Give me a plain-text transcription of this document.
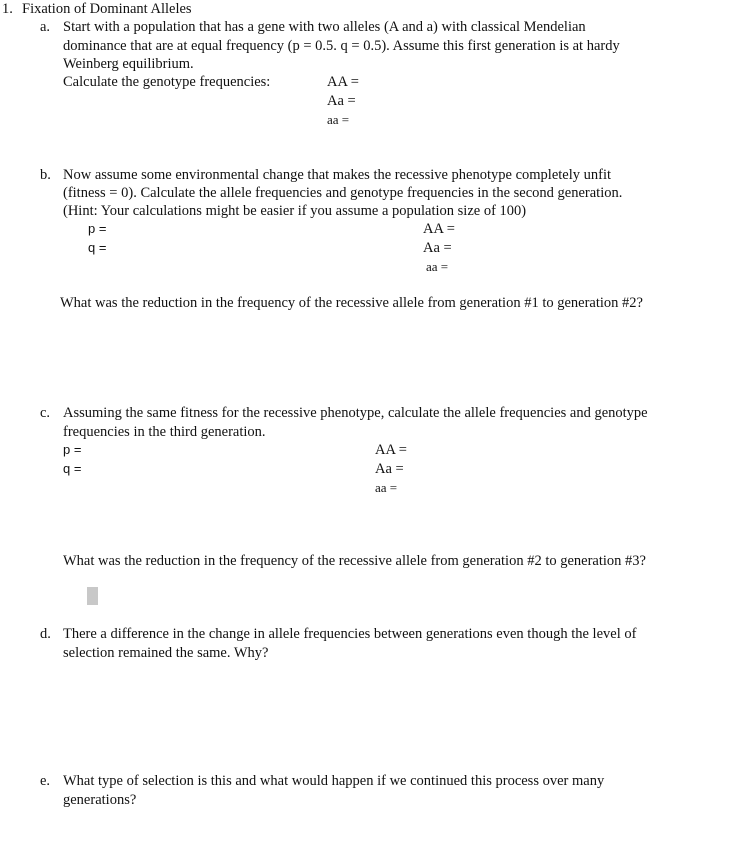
1. Fixation of Dominant Alleles
a. Start with a population that has a gene with two alleles (A and a) with classical Mendelian
dominance that are at equal frequency (p = 0.5. q = 0.5). Assume this first generation is at hardy
Weinberg equilibrium.
Calculate the genotype frequencies:	AA =
Aa =
aa =
b. Now assume some environmental change that makes the recessive phenotype completely unfit
(fitness = 0). Calculate the allele frequencies and genotype frequencies in the second generation.
(Hint: Your calculations might be easier if you assume a population size of 100)
p =
q =
AA =
Aa =
aa =
What was the reduction in the frequency of the recessive allele from generation #1 to generation #2?
c. Assuming the same fitness for the recessive phenotype, calculate the allele frequencies and genotype
frequencies in the third generation.
p =
q =
AA =
Aa =
aa =
What was the reduction in the frequency of the recessive allele from generation #2 to generation #3?
d. There a difference in the change in allele frequencies between generations even though the level of
selection remained the same. Why?
e. What type of selection is this and what would happen if we continued this process over many
generations?
